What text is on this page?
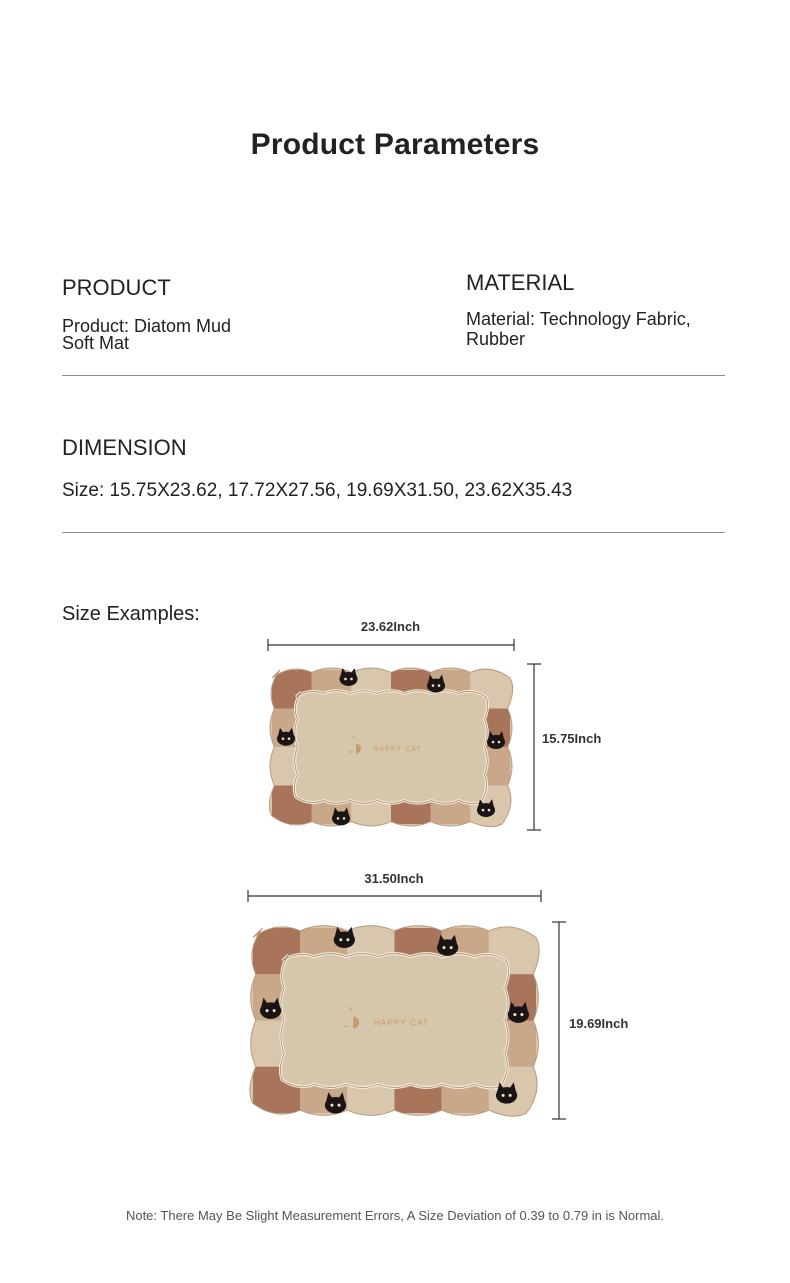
Product Parameters
PRODUCT
Product: Diatom Mud
Soft Mat
MATERIAL
Material: Technology Fabric,
Rubber
DIMENSION
Size: 15.75X23.62, 17.72X27.56, 19.69X31.50, 23.62X35.43
Size Examples:
23.62Inch
15.75Inch
HAPPY CAT
31.50Inch
19.69Inch
HAPPY CAT
Note: There May Be Slight Measurement Errors, A Size Deviation of 0.39 to 0.79 in is Normal.
